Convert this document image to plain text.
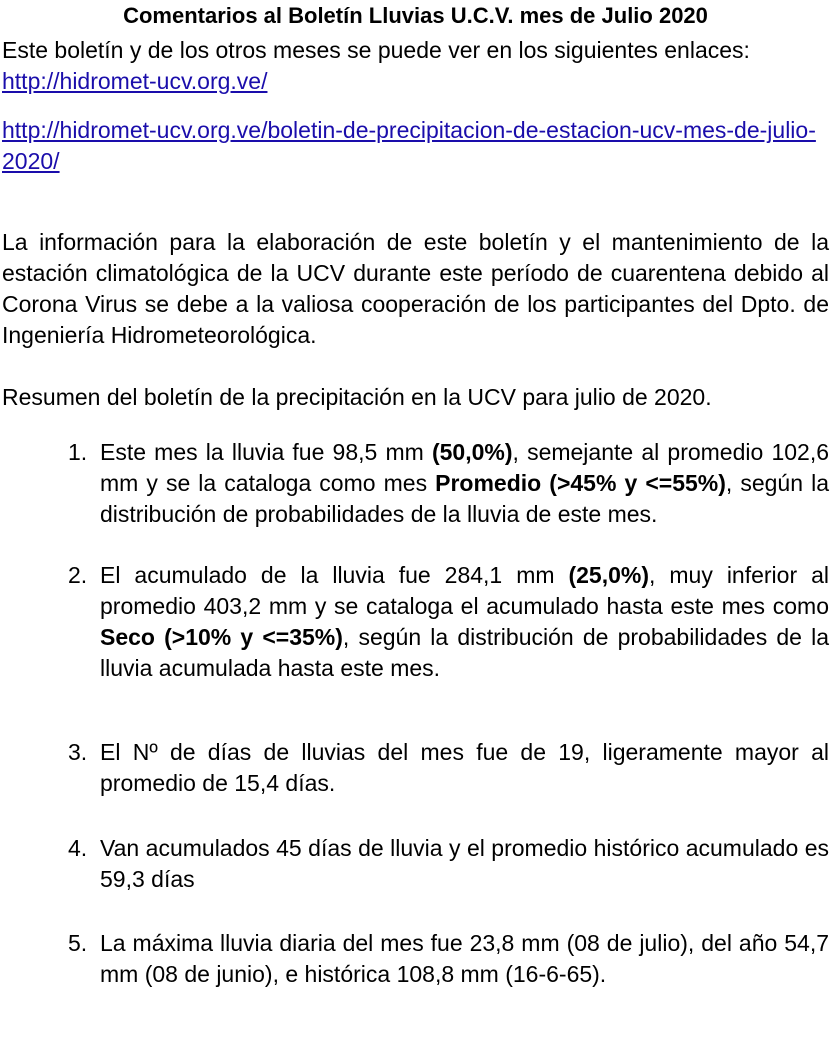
Comentarios al Boletín Lluvias U.C.V. mes de Julio 2020

Este boletín y de los otros meses se puede ver en los siguientes enlaces:

http://hidromet-ucv.org.ve/
http://hidromet-ucv.org.ve/boletin-de-precipitacion-de-estacion-ucv-mes-de-julio-2020/

La información para la elaboración de este boletín y el mantenimiento de la estación climatológica de la UCV durante este período de cuarentena debido al Corona Virus se debe a la valiosa cooperación de los participantes del Dpto. de Ingeniería Hidrometeorológica.

Resumen del boletín de la precipitación en la UCV para julio de 2020.

1. Este mes la lluvia fue 98,5 mm (50,0%), semejante al promedio 102,6 mm y se la cataloga como mes Promedio (>45% y <=55%), según la distribución de probabilidades de la lluvia de este mes.
2. El acumulado de la lluvia fue 284,1 mm (25,0%), muy inferior al promedio 403,2 mm y se cataloga el acumulado hasta este mes como Seco (>10% y <=35%), según la distribución de probabilidades de la lluvia acumulada hasta este mes.
3. El Nº de días de lluvias del mes fue de 19, ligeramente mayor al promedio de 15,4 días.
4. Van acumulados 45 días de lluvia y el promedio histórico acumulado es 59,3 días
5. La máxima lluvia diaria del mes fue 23,8 mm (08 de julio), del año 54,7 mm (08 de junio), e histórica 108,8 mm (16-6-65).
